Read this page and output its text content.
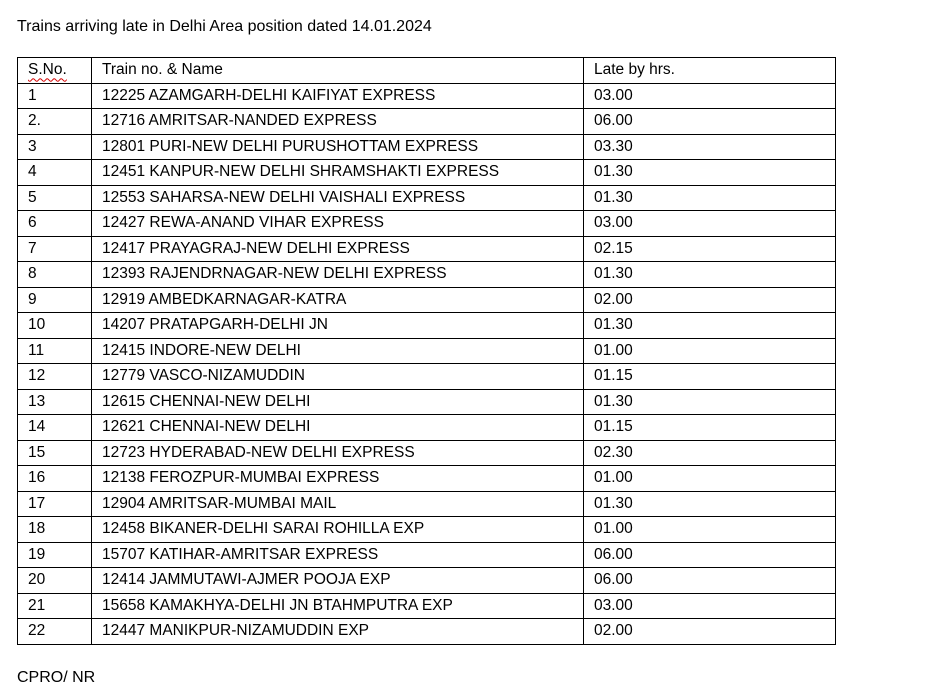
Trains arriving late in Delhi Area position dated 14.01.2024
S.No.	Train no. & Name	Late by hrs.
1	12225 AZAMGARH-DELHI KAIFIYAT EXPRESS	03.00
2.	12716 AMRITSAR-NANDED EXPRESS	06.00
3	12801 PURI-NEW DELHI PURUSHOTTAM EXPRESS	03.30
4	12451 KANPUR-NEW DELHI SHRAMSHAKTI EXPRESS	01.30
5	12553 SAHARSA-NEW DELHI VAISHALI EXPRESS	01.30
6	12427 REWA-ANAND VIHAR EXPRESS	03.00
7	12417 PRAYAGRAJ-NEW DELHI EXPRESS	02.15
8	12393 RAJENDRNAGAR-NEW DELHI EXPRESS	01.30
9	12919 AMBEDKARNAGAR-KATRA	02.00
10	14207 PRATAPGARH-DELHI JN	01.30
11	12415 INDORE-NEW DELHI	01.00
12	12779 VASCO-NIZAMUDDIN	01.15
13	12615 CHENNAI-NEW DELHI	01.30
14	12621 CHENNAI-NEW DELHI	01.15
15	12723 HYDERABAD-NEW DELHI EXPRESS	02.30
16	12138 FEROZPUR-MUMBAI EXPRESS	01.00
17	12904 AMRITSAR-MUMBAI MAIL	01.30
18	12458 BIKANER-DELHI SARAI ROHILLA EXP	01.00
19	15707 KATIHAR-AMRITSAR EXPRESS	06.00
20	12414 JAMMUTAWI-AJMER POOJA EXP	06.00
21	15658 KAMAKHYA-DELHI JN BTAHMPUTRA EXP	03.00
22	12447 MANIKPUR-NIZAMUDDIN EXP	02.00
CPRO/ NR
